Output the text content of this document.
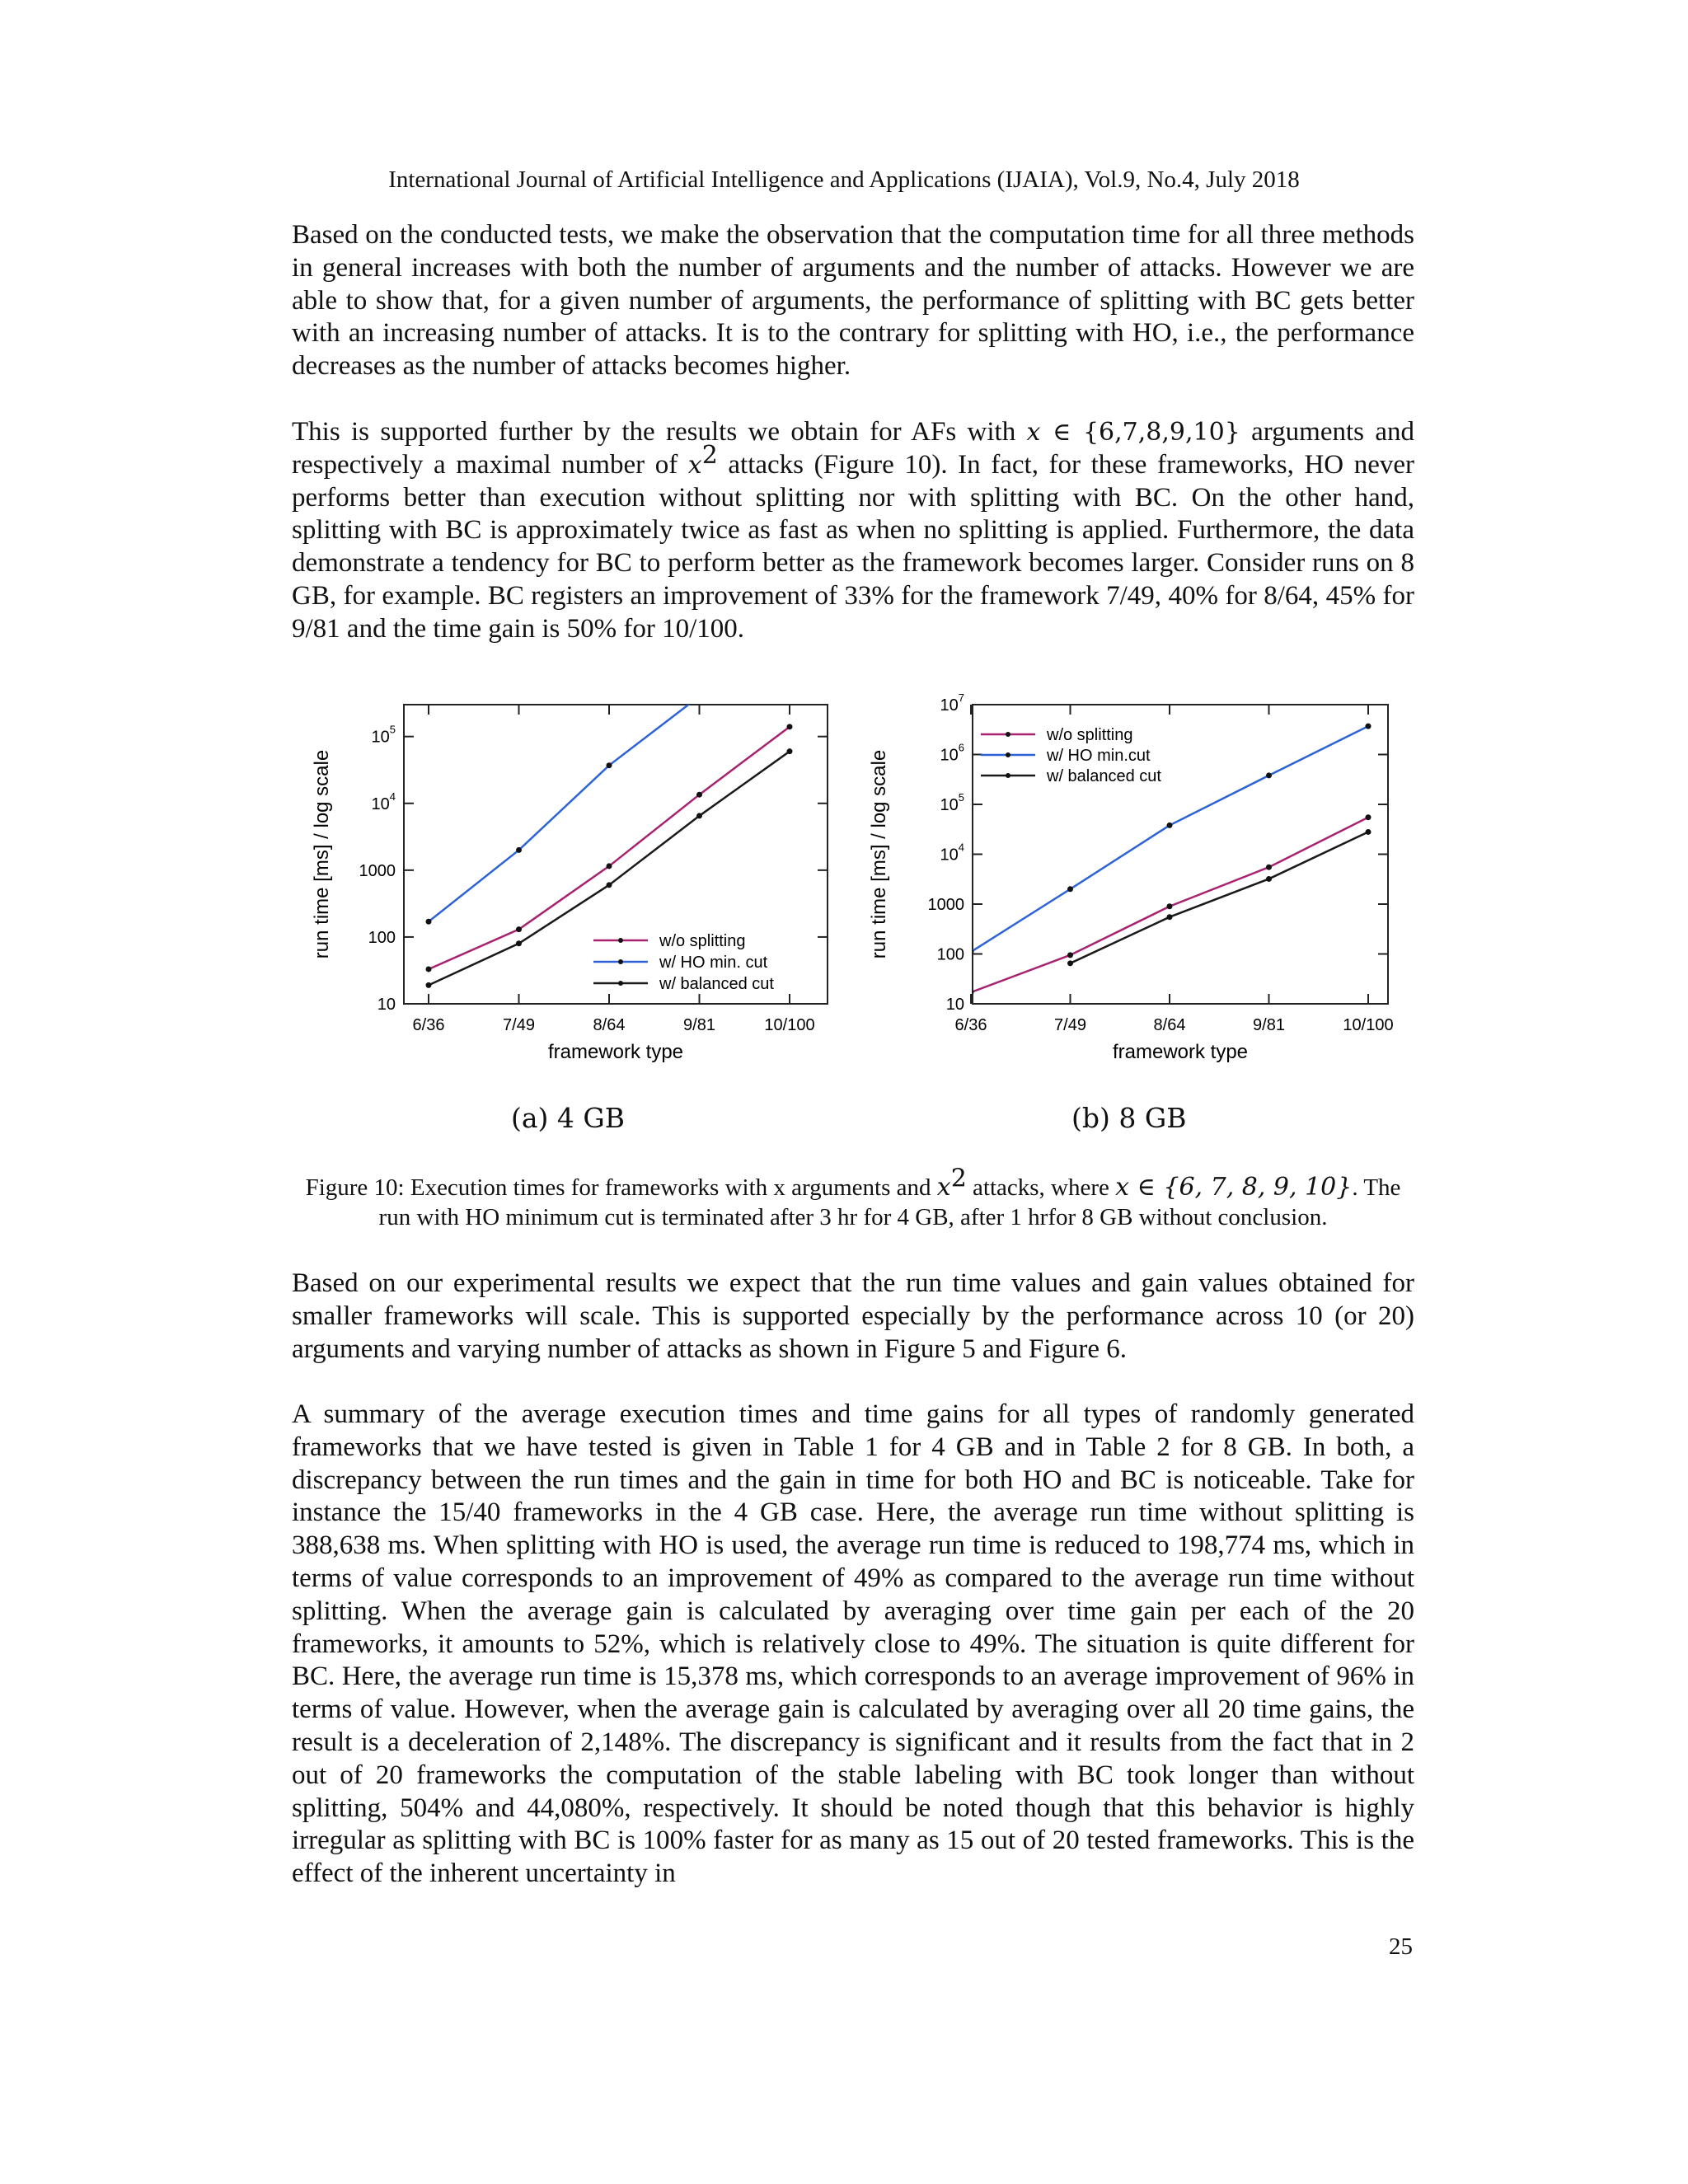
International Journal of Artificial Intelligence and Applications (IJAIA), Vol.9, No.4, July 2018

Based on the conducted tests, we make the observation that the computation time for all three methods in general increases with both the number of arguments and the number of attacks. However we are able to show that, for a given number of arguments, the performance of splitting with BC gets better with an increasing number of attacks. It is to the contrary for splitting with HO, i.e., the performance decreases as the number of attacks becomes higher.

This is supported further by the results we obtain for AFs with x ∈ {6,7,8,9,10} arguments and respectively a maximal number of $x^2$ attacks (Figure 10). In fact, for these frameworks, HO never performs better than execution without splitting nor with splitting with BC. On the other hand, splitting with BC is approximately twice as fast as when no splitting is applied. Furthermore, the data demonstrate a tendency for BC to perform better as the framework becomes larger. Consider runs on 8 GB, for example. BC registers an improvement of 33% for the framework 7/49, 40% for 8/64, 45% for 9/81 and the time gain is 50% for 10/100.

10
100
1000
$10^4$
$10^5$
6/36	7/49	8/64	9/81	10/100
framework type
run time [ms] / log scale	w/o splitting
w/ HO min. cut
w/ balanced cut
10
100
1000
$10^4$
$10^5$
$10^6$
$10^7$
6/36	7/49	8/64	9/81	10/100
framework type
run time [ms] / log scale
w/o splitting
w/ HO min.cut
w/ balanced cut
(a) 4 GB	(b) 8 GB
Figure 10: Execution times for frameworks with x arguments and $x^2$ attacks, where x ∈ {6, 7, 8, 9, 10}. The run with HO minimum cut is terminated after 3 hr for 4 GB, after 1 hrfor 8 GB without conclusion.

Based on our experimental results we expect that the run time values and gain values obtained for smaller frameworks will scale. This is supported especially by the performance across 10 (or 20) arguments and varying number of attacks as shown in Figure 5 and Figure 6.

A summary of the average execution times and time gains for all types of randomly generated frameworks that we have tested is given in Table 1 for 4 GB and in Table 2 for 8 GB. In both, a discrepancy between the run times and the gain in time for both HO and BC is noticeable. Take for instance the 15/40 frameworks in the 4 GB case. Here, the average run time without splitting is 388,638 ms. When splitting with HO is used, the average run time is reduced to 198,774 ms, which in terms of value corresponds to an improvement of 49% as compared to the average run time without splitting. When the average gain is calculated by averaging over time gain per each of the 20 frameworks, it amounts to 52%, which is relatively close to 49%. The situation is quite different for BC. Here, the average run time is 15,378 ms, which corresponds to an average improvement of 96% in terms of value. However, when the average gain is calculated by averaging over all 20 time gains, the result is a deceleration of 2,148%. The discrepancy is significant and it results from the fact that in 2 out of 20 frameworks the computation of the stable labeling with BC took longer than without splitting, 504% and 44,080%, respectively. It should be noted though that this behavior is highly irregular as splitting with BC is 100% faster for as many as 15 out of 20 tested frameworks. This is the effect of the inherent uncertainty in

25
